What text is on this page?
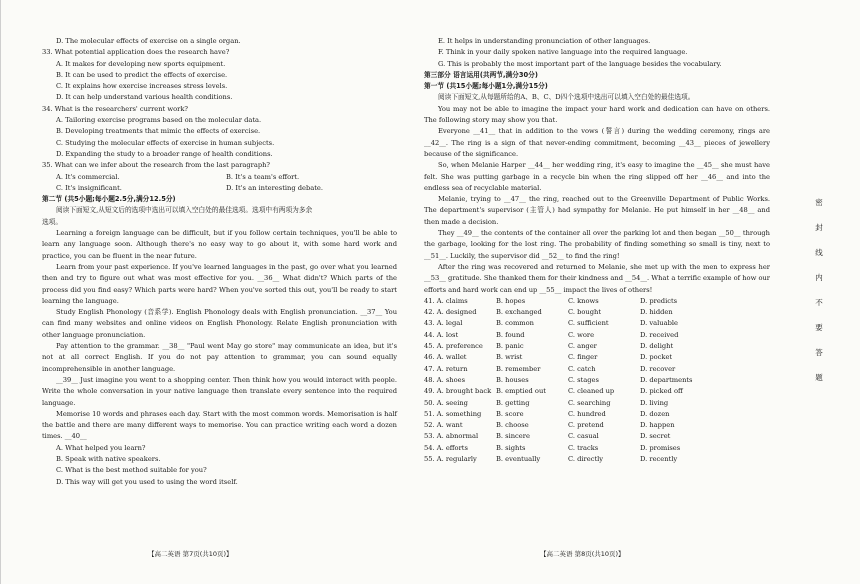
D. The molecular effects of exercise on a single organ.
33. What potential application does the research have?
A. It makes for developing new sports equipment.
B. It can be used to predict the effects of exercise.
C. It explains how exercise increases stress levels.
D. It can help understand various health conditions.
34. What is the researchers' current work?
A. Tailoring exercise programs based on the molecular data.
B. Developing treatments that mimic the effects of exercise.
C. Studying the molecular effects of exercise in human subjects.
D. Expanding the study to a broader range of health conditions.
35. What can we infer about the research from the last paragraph?
A. It's commercial.	B. It's a team's effort.
C. It's insignificant.	D. It's an interesting debate.
第二节 (共5小题;每小题2.5分,满分12.5分)
阅读下面短文,从短文后的选项中选出可以填入空白处的最佳选项。选项中有两项为多余
选项。
Learning a foreign language can be difficult, but if you follow certain techniques, you'll be able to learn any language soon. Although there's no easy way to go about it, with some hard work and practice, you can be fluent in the near future.
Learn from your past experience. If you've learned languages in the past, go over what you learned then and try to figure out what was most effective for you. __36__ What didn't? Which parts of the process did you find easy? Which parts were hard? When you've sorted this out, you'll be ready to start learning the language.
Study English Phonology (音系学). English Phonology deals with English pronunciation. __37__ You can find many websites and online videos on English Phonology. Relate English pronunciation with other language pronunciation.
Pay attention to the grammar. __38__ "Paul went May go store" may communicate an idea, but it's not at all correct English. If you do not pay attention to grammar, you can sound equally incomprehensible in another language.
__39__ Just imagine you went to a shopping center. Then think how you would interact with people. Write the whole conversation in your native language then translate every sentence into the required language.
Memorise 10 words and phrases each day. Start with the most common words. Memorisation is half the battle and there are many different ways to memorise. You can practice writing each word a dozen times. __40__
A. What helped you learn?
B. Speak with native speakers.
C. What is the best method suitable for you?
D. This way will get you used to using the word itself.
E. It helps in understanding pronunciation of other languages.
F. Think in your daily spoken native language into the required language.
G. This is probably the most important part of the language besides the vocabulary.
第三部分 语言运用(共两节,满分30分)
第一节 (共15小题;每小题1分,满分15分)
阅读下面短文,从每题所给的A、B、C、D四个选项中选出可以填入空白处的最佳选项。
You may not be able to imagine the impact your hard work and dedication can have on others. The following story may show you that.
Everyone __41__ that in addition to the vows (誓言) during the wedding ceremony, rings are __42__. The ring is a sign of that never-ending commitment, becoming __43__ pieces of jewellery because of the significance.
So, when Melanie Harper __44__ her wedding ring, it's easy to imagine the __45__ she must have felt. She was putting garbage in a recycle bin when the ring slipped off her __46__ and into the endless sea of recyclable material.
Melanie, trying to __47__ the ring, reached out to the Greenville Department of Public Works. The department's supervisor (主管人) had sympathy for Melanie. He put himself in her __48__ and then made a decision.
They __49__ the contents of the container all over the parking lot and then began __50__ through the garbage, looking for the lost ring. The probability of finding something so small is tiny, next to __51__. Luckily, the supervisor did __52__ to find the ring!
After the ring was recovered and returned to Melanie, she met up with the men to express her __53__ gratitude. She thanked them for their kindness and __54__. What a terrific example of how our efforts and hard work can end up __55__ impact the lives of others!
41. A. claims	B. hopes	C. knows	D. predicts
42. A. designed	B. exchanged	C. bought	D. hidden
43. A. legal	B. common	C. sufficient	D. valuable
44. A. lost	B. found	C. wore	D. received
45. A. preference	B. panic	C. anger	D. delight
46. A. wallet	B. wrist	C. finger	D. pocket
47. A. return	B. remember	C. catch	D. recover
48. A. shoes	B. houses	C. stages	D. departments
49. A. brought back B. emptied out	C. cleaned up	D. picked off
50. A. seeing	B. getting	C. searching	D. living
51. A. something	B. score	C. hundred	D. dozen
52. A. want	B. choose	C. pretend	D. happen
53. A. abnormal	B. sincere	C. casual	D. secret
54. A. efforts	B. sights	C. tracks	D. promises
55. A. regularly	B. eventually	C. directly	D. recently
【高二英语 第7页(共10页)】	【高二英语 第8页(共10页)】
密
封
线
内
不
要
答
题
